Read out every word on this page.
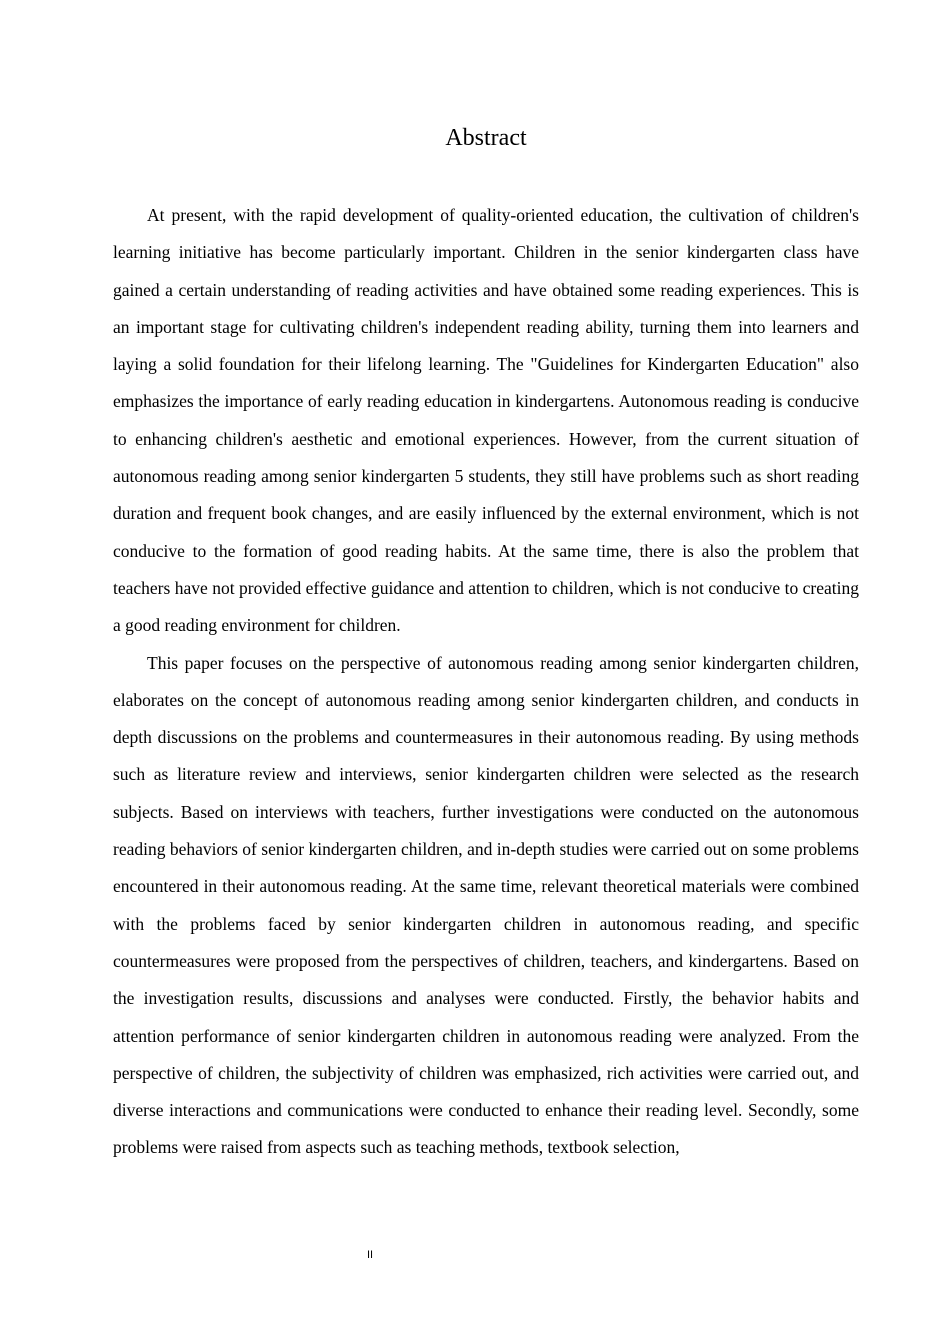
Abstract

At present, with the rapid development of quality-oriented education, the cultivation of children's learning initiative has become particularly important. Children in the senior kindergarten class have gained a certain understanding of reading activities and have obtained some reading experiences. This is an important stage for cultivating children's independent reading ability, turning them into learners and laying a solid foundation for their lifelong learning. The "Guidelines for Kindergarten Education" also emphasizes the importance of early reading education in kindergartens. Autonomous reading is conducive to enhancing children's aesthetic and emotional experiences. However, from the current situation of autonomous reading among senior kindergarten 5 students, they still have problems such as short reading duration and frequent book changes, and are easily influenced by the external environment, which is not conducive to the formation of good reading habits. At the same time, there is also the problem that teachers have not provided effective guidance and attention to children, which is not conducive to creating a good reading environment for children.

This paper focuses on the perspective of autonomous reading among senior kindergarten children, elaborates on the concept of autonomous reading among senior kindergarten children, and conducts in depth discussions on the problems and countermeasures in their autonomous reading. By using methods such as literature review and interviews, senior kindergarten children were selected as the research subjects. Based on interviews with teachers, further investigations were conducted on the autonomous reading behaviors of senior kindergarten children, and in-depth studies were carried out on some problems encountered in their autonomous reading. At the same time, relevant theoretical materials were combined with the problems faced by senior kindergarten children in autonomous reading, and specific countermeasures were proposed from the perspectives of children, teachers, and kindergartens. Based on the investigation results, discussions and analyses were conducted. Firstly, the behavior habits and attention performance of senior kindergarten children in autonomous reading were analyzed. From the perspective of children, the subjectivity of children was emphasized, rich activities were carried out, and diverse interactions and communications were conducted to enhance their reading level. Secondly, some problems were raised from aspects such as teaching methods, textbook selection,

II
